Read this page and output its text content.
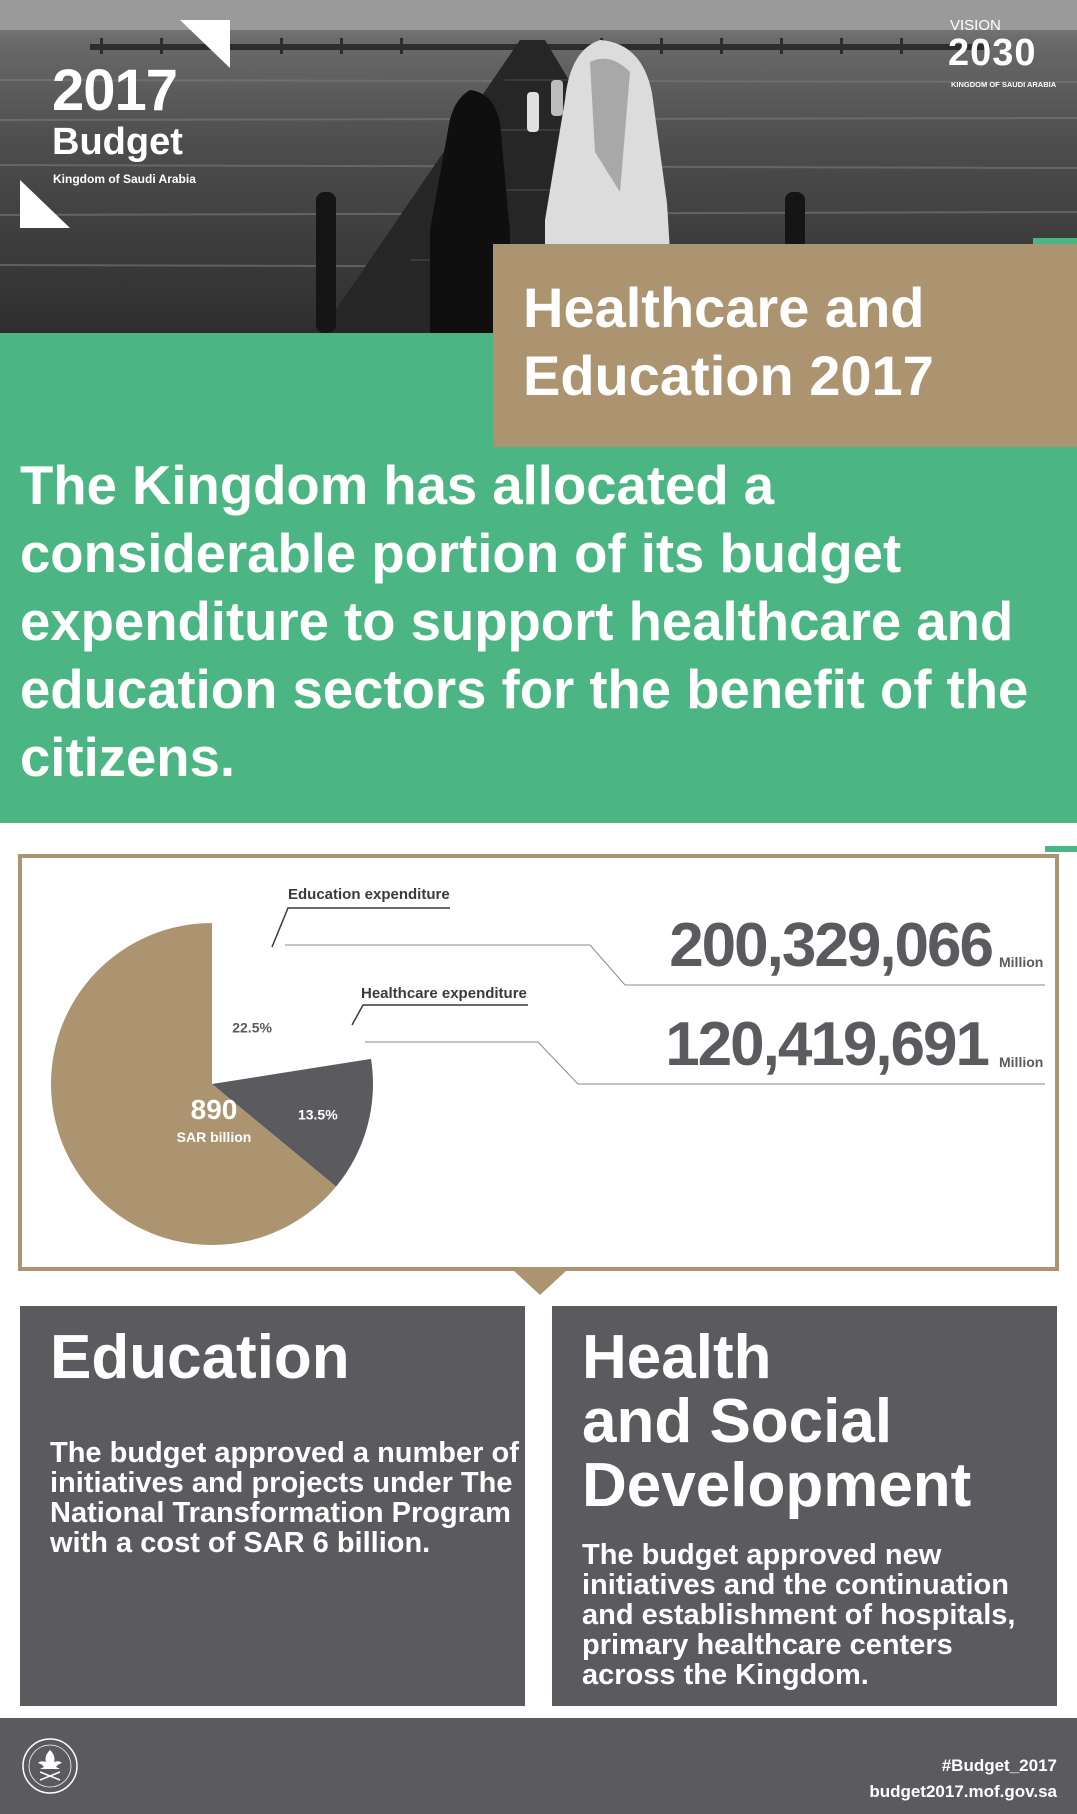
2017
Budget
Kingdom of Saudi Arabia
VISION
2030
KINGDOM OF SAUDI ARABIA
Healthcare and
Education 2017
The Kingdom has allocated a considerable portion of its budget expenditure to support healthcare and education sectors for the benefit of the citizens.
22.5%
13.5%
890
SAR billion
Education expenditure
Healthcare expenditure
200,329,066 Million
120,419,691 Million
Education

The budget approved a number of initiatives and projects under The National Transformation Program with a cost of SAR 6 billion.

Health
and Social
Development

The budget approved new initiatives and the continuation and establishment of hospitals, primary healthcare centers across the Kingdom.

#Budget_2017
budget2017.mof.gov.sa
